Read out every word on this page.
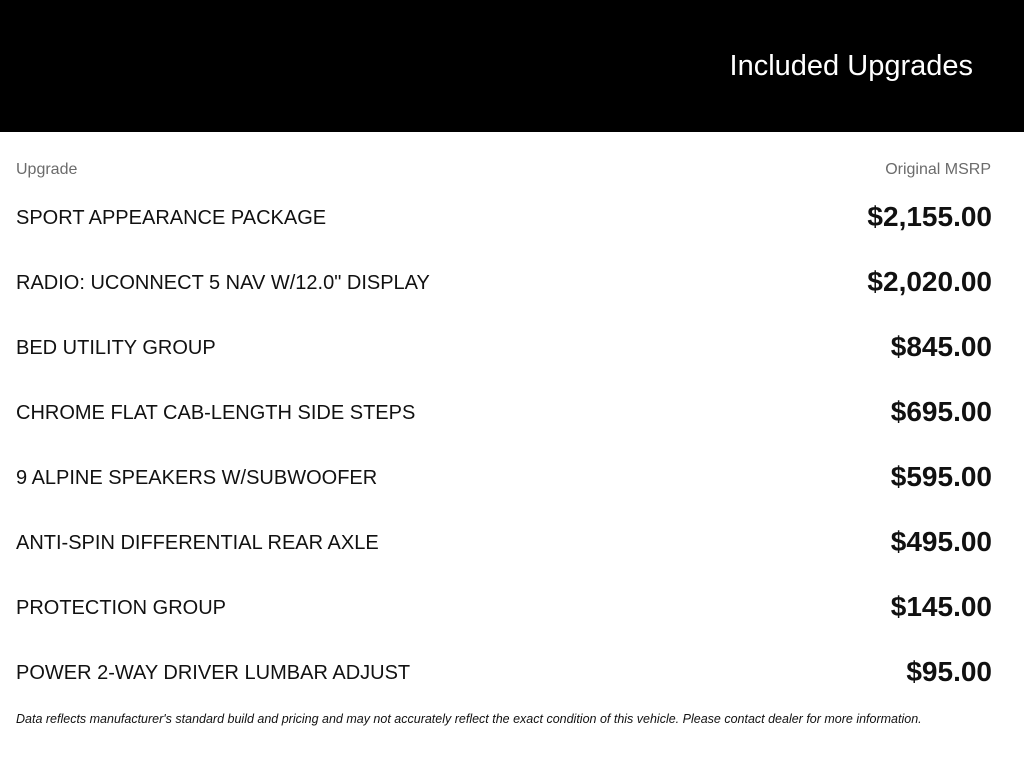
Included Upgrades
Upgrade	Original MSRP
SPORT APPEARANCE PACKAGE	$2,155.00
RADIO: UCONNECT 5 NAV W/12.0" DISPLAY	$2,020.00
BED UTILITY GROUP	$845.00
CHROME FLAT CAB-LENGTH SIDE STEPS	$695.00
9 ALPINE SPEAKERS W/SUBWOOFER	$595.00
ANTI-SPIN DIFFERENTIAL REAR AXLE	$495.00
PROTECTION GROUP	$145.00
POWER 2-WAY DRIVER LUMBAR ADJUST	$95.00
Data reflects manufacturer's standard build and pricing and may not accurately reflect the exact condition of this vehicle. Please contact dealer for more information.
